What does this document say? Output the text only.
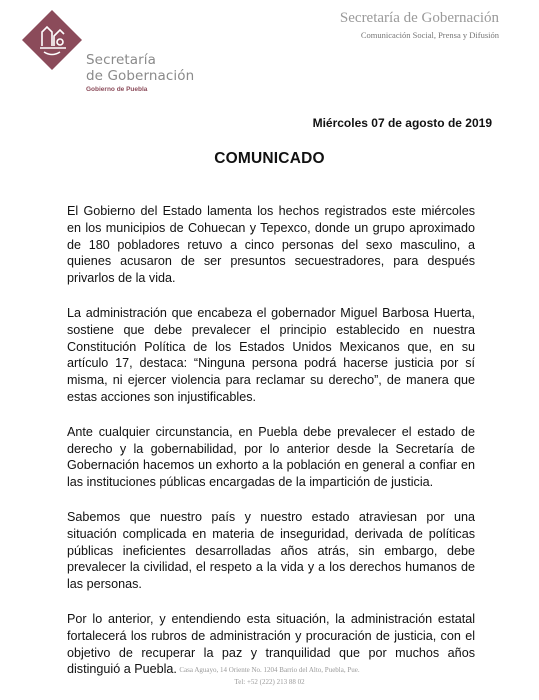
Secretaría
de Gobernación
Gobierno de Puebla
Secretaría de Gobernación
Comunicación Social, Prensa y Difusión
Miércoles 07 de agosto de 2019
COMUNICADO

El Gobierno del Estado lamenta los hechos registrados este miércoles en los municipios de Cohuecan y Tepexco, donde un grupo aproximado de 180 pobladores retuvo a cinco personas del sexo masculino, a quienes acusaron de ser presuntos secuestradores, para después privarlos de la vida.

La administración que encabeza el gobernador Miguel Barbosa Huerta, sostiene que debe prevalecer el principio establecido en nuestra Constitución Política de los Estados Unidos Mexicanos que, en su artículo 17, destaca: “Ninguna persona podrá hacerse justicia por sí misma, ni ejercer violencia para reclamar su derecho”, de manera que estas acciones son injustificables.

Ante cualquier circunstancia, en Puebla debe prevalecer el estado de derecho y la gobernabilidad, por lo anterior desde la Secretaría de Gobernación hacemos un exhorto a la población en general a confiar en las instituciones públicas encargadas de la impartición de justicia.

Sabemos que nuestro país y nuestro estado atraviesan por una situación complicada en materia de inseguridad, derivada de políticas públicas ineficientes desarrolladas años atrás, sin embargo, debe prevalecer la civilidad, el respeto a la vida y a los derechos humanos de las personas.

Por lo anterior, y entendiendo esta situación, la administración estatal fortalecerá los rubros de administración y procuración de justicia, con el objetivo de recuperar la paz y tranquilidad que por muchos años distinguió a Puebla. Casa Aguayo, 14 Oriente No. 1204 Barrio del Alto, Puebla, Pue.
Tel: +52 (222) 213 88 02
